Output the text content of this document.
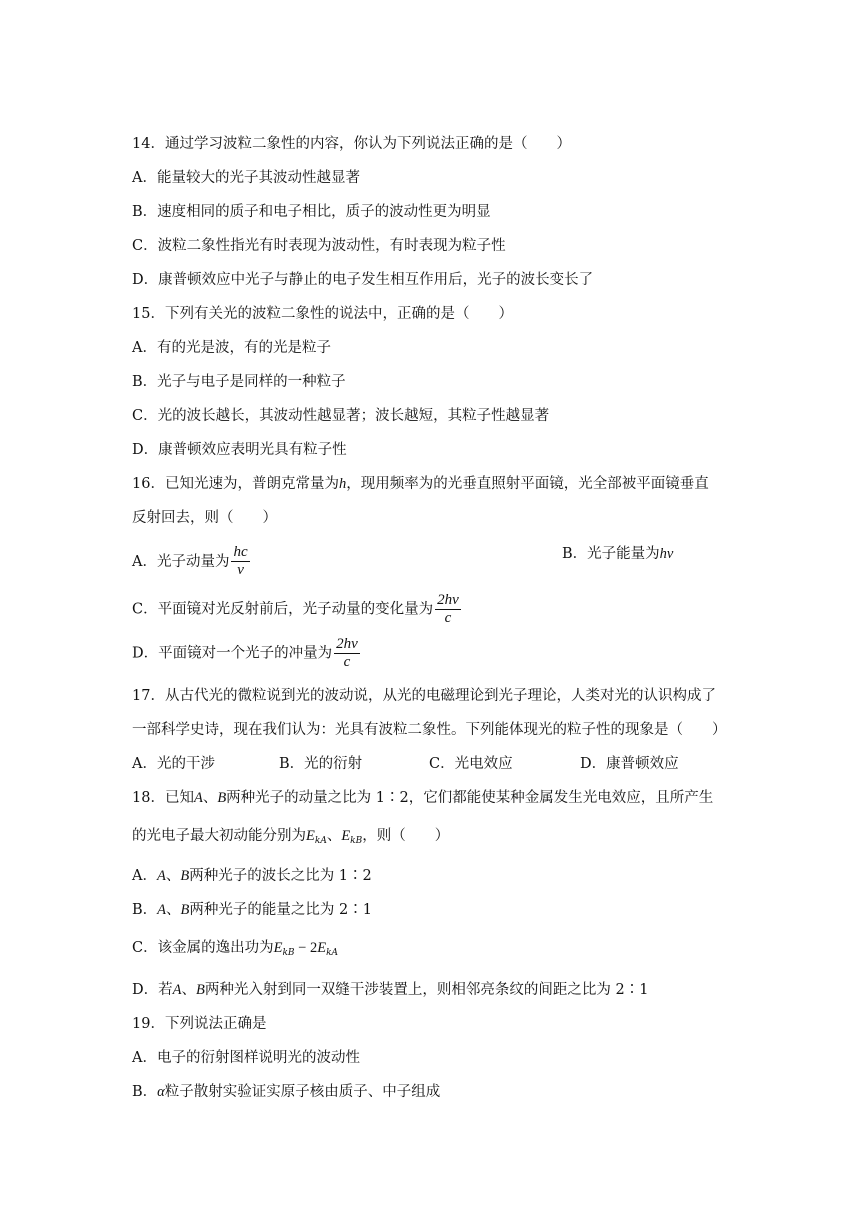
14．通过学习波粒二象性的内容，你认为下列说法正确的是（　　）
A．能量较大的光子其波动性越显著
B．速度相同的质子和电子相比，质子的波动性更为明显
C．波粒二象性指光有时表现为波动性，有时表现为粒子性
D．康普顿效应中光子与静止的电子发生相互作用后，光子的波长变长了
15．下列有关光的波粒二象性的说法中，正确的是（　　）
A．有的光是波，有的光是粒子
B．光子与电子是同样的一种粒子
C．光的波长越长，其波动性越显著；波长越短，其粒子性越显著
D．康普顿效应表明光具有粒子性
16．已知光速为，普朗克常量为h，现用频率为的光垂直照射平面镜，光全部被平面镜垂直
反射回去，则（　　）
A．光子动量为 $\frac{hc}{v}$	B．光子能量为hv
C．平面镜对光反射前后，光子动量的变化量为 $\frac{2hv}{c}$
D．平面镜对一个光子的冲量为 $\frac{2hv}{c}$
17．从古代光的微粒说到光的波动说，从光的电磁理论到光子理论，人类对光的认识构成了
一部科学史诗，现在我们认为：光具有波粒二象性。下列能体现光的粒子性的现象是（　　）
A．光的干涉	B．光的衍射	C．光电效应	D．康普顿效应
18．已知A、B两种光子的动量之比为 1∶2，它们都能使某种金属发生光电效应，且所产生
的光电子最大初动能分别为$E_{kA}$、$E_{kB}$，则（　　）
A．A、B两种光子的波长之比为 1∶2
B．A、B两种光子的能量之比为 2∶1
C．该金属的逸出功为$E_{kB} - 2E_{kA}$
D．若A、B两种光入射到同一双缝干涉装置上，则相邻亮条纹的间距之比为 2∶1
19．下列说法正确是
A．电子的衍射图样说明光的波动性
B．α粒子散射实验证实原子核由质子、中子组成
